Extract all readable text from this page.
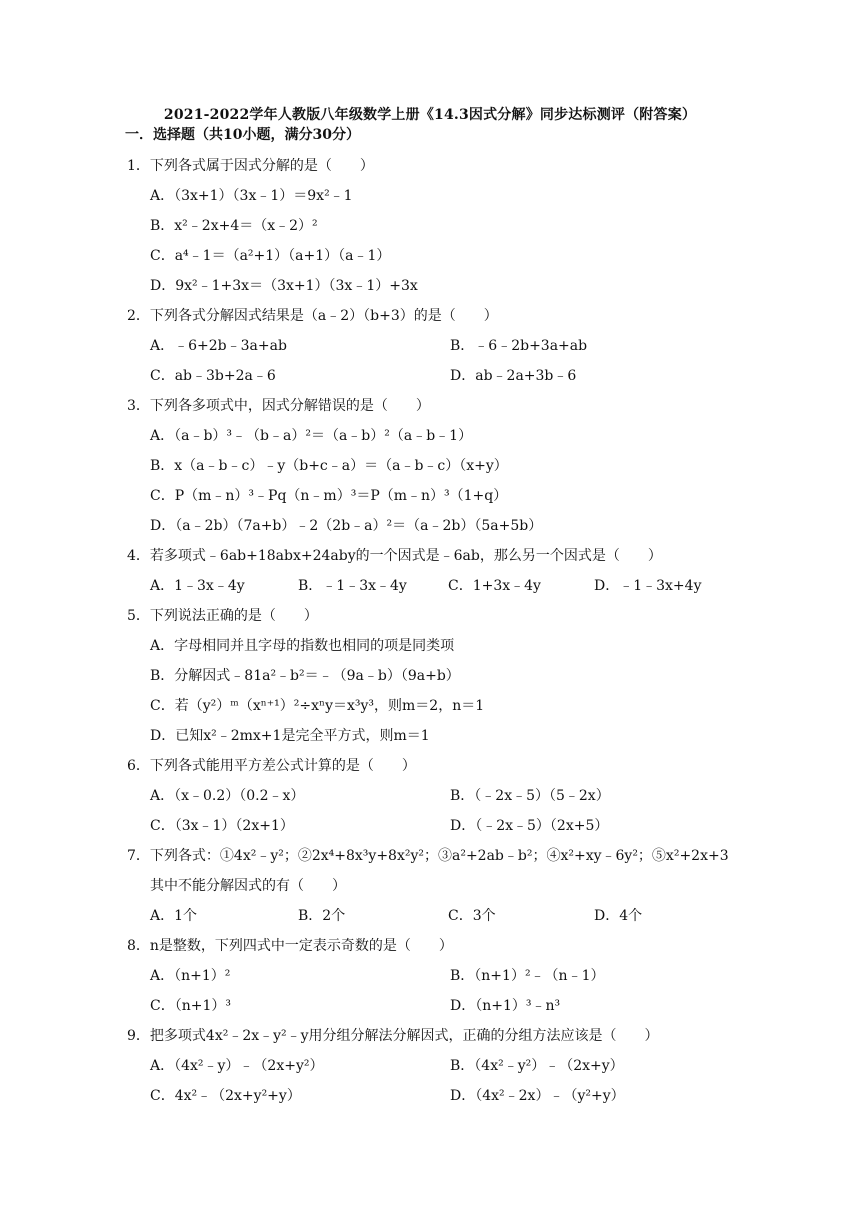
2021-2022学年人教版八年级数学上册《14.3因式分解》同步达标测评（附答案）
一．选择题（共10小题，满分30分）
1．下列各式属于因式分解的是（　　）
A．（3x+1）（3x﹣1）＝9x²﹣1
B．x²﹣2x+4＝（x﹣2）²
C．a⁴﹣1＝（a²+1）（a+1）（a﹣1）
D．9x²﹣1+3x＝（3x+1）（3x﹣1）+3x
2．下列各式分解因式结果是（a﹣2）（b+3）的是（　　）
A．﹣6+2b﹣3a+ab	B．﹣6﹣2b+3a+ab
C．ab﹣3b+2a﹣6	D．ab﹣2a+3b﹣6
3．下列各多项式中，因式分解错误的是（　　）
A．（a﹣b）³﹣（b﹣a）²＝（a﹣b）²（a﹣b﹣1）
B．x（a﹣b﹣c）﹣y（b+c﹣a）＝（a﹣b﹣c）（x+y）
C．P（m﹣n）³﹣Pq（n﹣m）³＝P（m﹣n）³（1+q）
D．（a﹣2b）（7a+b）﹣2（2b﹣a）²＝（a﹣2b）（5a+5b）
4．若多项式﹣6ab+18abx+24aby的一个因式是﹣6ab，那么另一个因式是（　　）
A．1﹣3x﹣4y	B．﹣1﹣3x﹣4y	C．1+3x﹣4y	D．﹣1﹣3x+4y
5．下列说法正确的是（　　）
A．字母相同并且字母的指数也相同的项是同类项
B．分解因式﹣81a²﹣b²＝﹣（9a﹣b）（9a+b）
C．若（y²）ᵐ（xⁿ⁺¹）²÷xⁿy＝x³y³，则m＝2，n＝1
D．已知x²﹣2mx+1是完全平方式，则m＝1
6．下列各式能用平方差公式计算的是（　　）
A．（x﹣0.2）（0.2﹣x）	B．（﹣2x﹣5）（5﹣2x）
C．（3x﹣1）（2x+1）	D．（﹣2x﹣5）（2x+5）
7．下列各式：①4x²﹣y²；②2x⁴+8x³y+8x²y²；③a²+2ab﹣b²；④x²+xy﹣6y²；⑤x²+2x+3
其中不能分解因式的有（　　）
A．1个	B．2个	C．3个	D．4个
8．n是整数，下列四式中一定表示奇数的是（　　）
A．（n+1）²	B．（n+1）²﹣（n﹣1）
C．（n+1）³	D．（n+1）³﹣n³
9．把多项式4x²﹣2x﹣y²﹣y用分组分解法分解因式，正确的分组方法应该是（　　）
A．（4x²﹣y）﹣（2x+y²）	B．（4x²﹣y²）﹣（2x+y）
C．4x²﹣（2x+y²+y）	D．（4x²﹣2x）﹣（y²+y）
